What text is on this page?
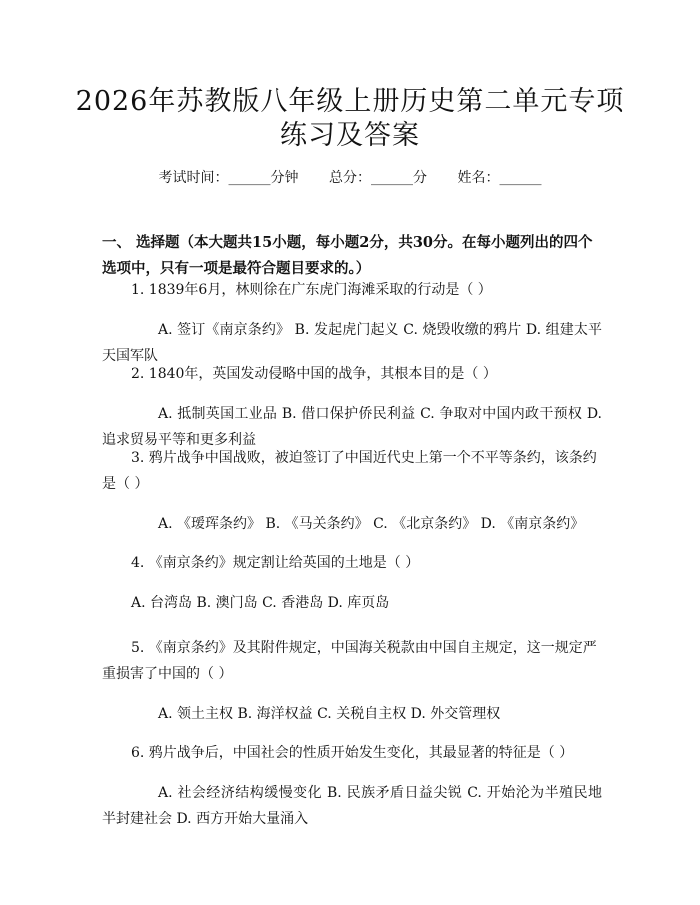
2026年苏教版八年级上册历史第二单元专项
练习及答案
考试时间：______分钟 总分：______分 姓名：______
一、 选择题（本大题共15小题，每小题2分，共30分。在每小题列出的四个选项中，只有一项是最符合题目要求的。）
1. 1839年6月，林则徐在广东虎门海滩采取的行动是（ ）
A. 签订《南京条约》 B. 发起虎门起义 C. 烧毁收缴的鸦片 D. 组建太平天国军队
2. 1840年，英国发动侵略中国的战争，其根本目的是（ ）
A. 抵制英国工业品 B. 借口保护侨民利益 C. 争取对中国内政干预权 D. 追求贸易平等和更多利益
3. 鸦片战争中国战败，被迫签订了中国近代史上第一个不平等条约，该条约是（ ）
A. 《瑷珲条约》 B. 《马关条约》 C. 《北京条约》 D. 《南京条约》
4. 《南京条约》规定割让给英国的土地是（ ）
A. 台湾岛 B. 澳门岛 C. 香港岛 D. 库页岛
5. 《南京条约》及其附件规定，中国海关税款由中国自主规定，这一规定严重损害了中国的（ ）
A. 领土主权 B. 海洋权益 C. 关税自主权 D. 外交管理权
6. 鸦片战争后，中国社会的性质开始发生变化，其最显著的特征是（ ）
A. 社会经济结构缓慢变化 B. 民族矛盾日益尖锐 C. 开始沦为半殖民地半封建社会 D. 西方开始大量涌入
